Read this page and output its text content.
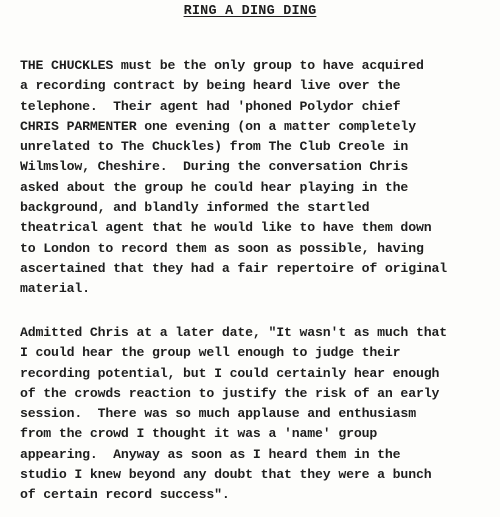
RING A DING DING
THE CHUCKLES must be the only group to have acquired
a recording contract by being heard live over the
telephone.  Their agent had 'phoned Polydor chief
CHRIS PARMENTER one evening (on a matter completely
unrelated to The Chuckles) from The Club Creole in
Wilmslow, Cheshire.  During the conversation Chris
asked about the group he could hear playing in the
background, and blandly informed the startled
theatrical agent that he would like to have them down
to London to record them as soon as possible, having
ascertained that they had a fair repertoire of original
material.
Admitted Chris at a later date, "It wasn't as much that
I could hear the group well enough to judge their
recording potential, but I could certainly hear enough
of the crowds reaction to justify the risk of an early
session.  There was so much applause and enthusiasm
from the crowd I thought it was a 'name' group
appearing.  Anyway as soon as I heard them in the
studio I knew beyond any doubt that they were a bunch
of certain record success".
